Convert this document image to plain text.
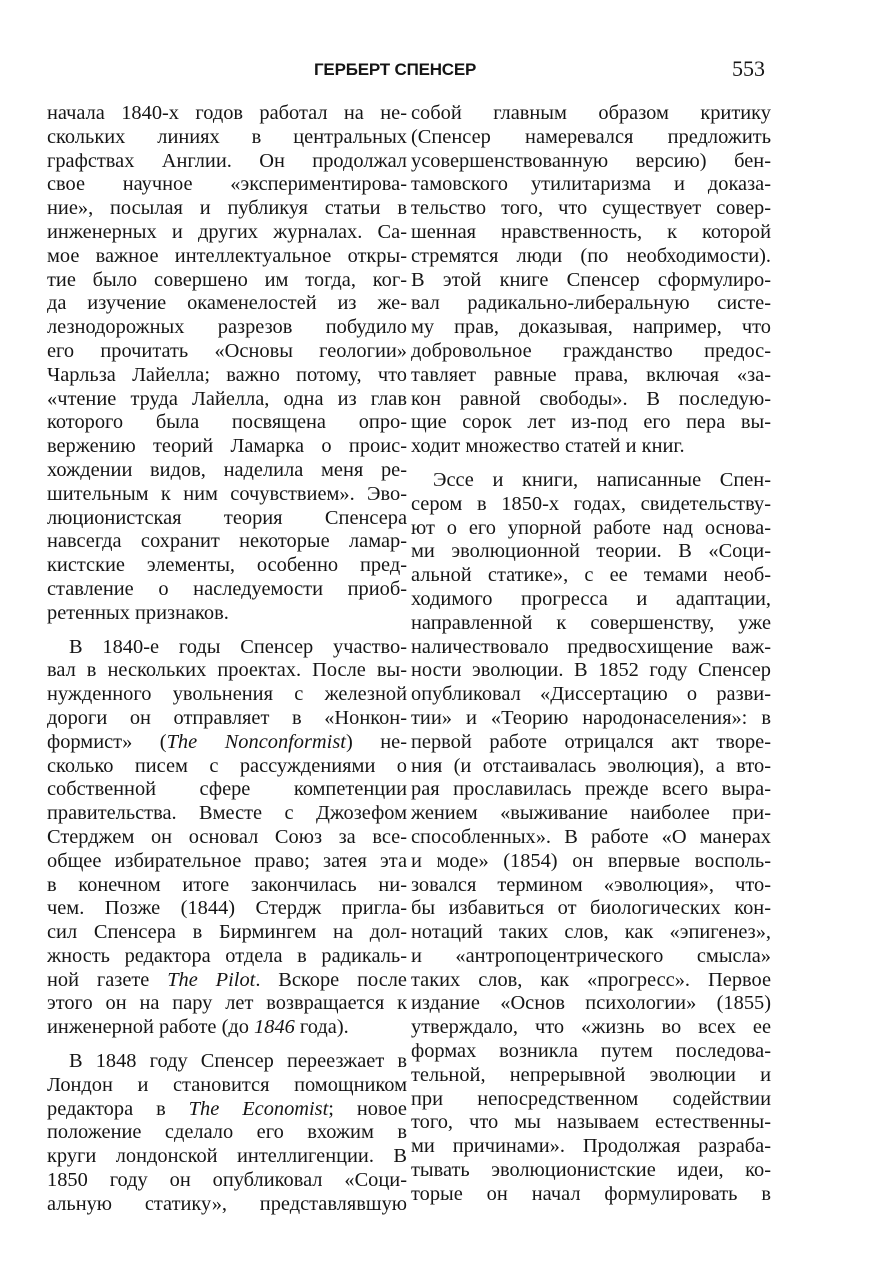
ГЕРБЕРТ СПЕНСЕР	553
начала 1840-х годов работал на не-
скольких линиях в центральных
графствах Англии. Он продолжал
свое научное «экспериментирова-
ние», посылая и публикуя статьи в
инженерных и других журналах. Са-
мое важное интеллектуальное откры-
тие было совершено им тогда, ког-
да изучение окаменелостей из же-
лезнодорожных разрезов побудило
его прочитать «Основы геологии»
Чарльза Лайелла; важно потому, что
«чтение труда Лайелла, одна из глав
которого была посвящена опро-
вержению теорий Ламарка о проис-
хождении видов, наделила меня ре-
шительным к ним сочувствием». Эво-
люционистская теория Спенсера
навсегда сохранит некоторые ламар-
кистские элементы, особенно пред-
ставление о наследуемости приоб-
ретенных признаков.
В 1840-е годы Спенсер участво-
вал в нескольких проектах. После вы-
нужденного увольнения с железной
дороги он отправляет в «Нонкон-
формист» (The Nonconformist) не-
сколько писем с рассуждениями о
собственной сфере компетенции
правительства. Вместе с Джозефом
Стерджем он основал Союз за все-
общее избирательное право; затея эта
в конечном итоге закончилась ни-
чем. Позже (1844) Стердж пригла-
сил Спенсера в Бирмингем на дол-
жность редактора отдела в радикаль-
ной газете The Pilot. Вскоре после
этого он на пару лет возвращается к
инженерной работе (до 1846 года).
В 1848 году Спенсер переезжает в
Лондон и становится помощником
редактора в The Economist; новое
положение сделало его вхожим в
круги лондонской интеллигенции. В
1850 году он опубликовал «Соци-
альную статику», представлявшую
собой главным образом критику
(Спенсер намеревался предложить
усовершенствованную версию) бен-
тамовского утилитаризма и доказа-
тельство того, что существует совер-
шенная нравственность, к которой
стремятся люди (по необходимости).
В этой книге Спенсер сформулиро-
вал радикально-либеральную систе-
му прав, доказывая, например, что
добровольное гражданство предос-
тавляет равные права, включая «за-
кон равной свободы». В последую-
щие сорок лет из-под его пера вы-
ходит множество статей и книг.
Эссе и книги, написанные Спен-
сером в 1850-х годах, свидетельству-
ют о его упорной работе над основа-
ми эволюционной теории. В «Соци-
альной статике», с ее темами необ-
ходимого прогресса и адаптации,
направленной к совершенству, уже
наличествовало предвосхищение важ-
ности эволюции. В 1852 году Спенсер
опубликовал «Диссертацию о разви-
тии» и «Теорию народонаселения»: в
первой работе отрицался акт творе-
ния (и отстаивалась эволюция), а вто-
рая прославилась прежде всего выра-
жением «выживание наиболее при-
способленных». В работе «О манерах
и моде» (1854) он впервые восполь-
зовался термином «эволюция», что-
бы избавиться от биологических кон-
нотаций таких слов, как «эпигенез»,
и «антропоцентрического смысла»
таких слов, как «прогресс». Первое
издание «Основ психологии» (1855)
утверждало, что «жизнь во всех ее
формах возникла путем последова-
тельной, непрерывной эволюции и
при непосредственном содействии
того, что мы называем естественны-
ми причинами». Продолжая разраба-
тывать эволюционистские идеи, ко-
торые он начал формулировать в
